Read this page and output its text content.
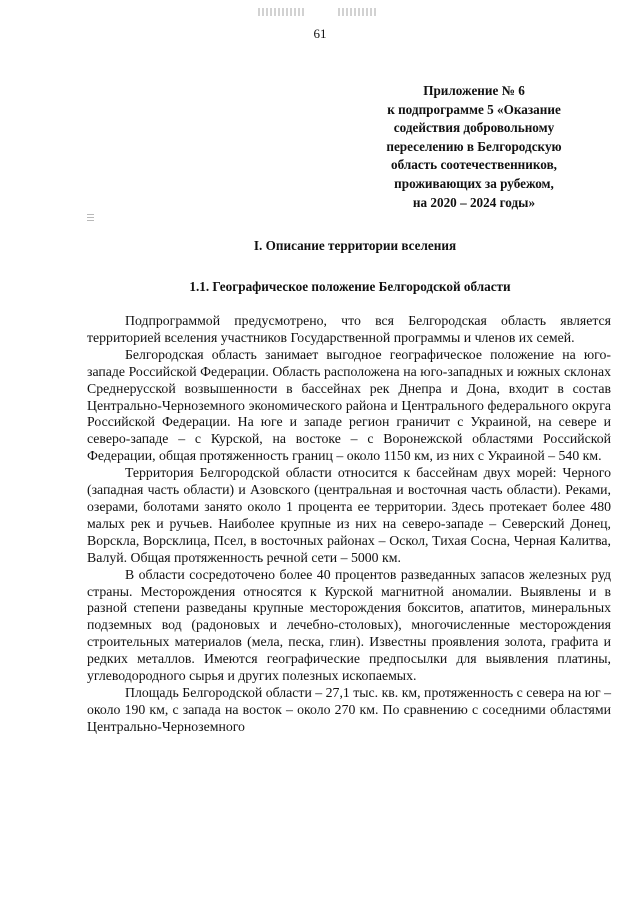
61
Приложение № 6
к подпрограмме 5 «Оказание
содействия добровольному
переселению в Белгородскую
область соотечественников,
проживающих за рубежом,
на 2020 – 2024 годы»
I. Описание территории вселения
1.1. Географическое положение Белгородской области

Подпрограммой предусмотрено, что вся Белгородская область является территорией вселения участников Государственной программы и членов их семей.

Белгородская область занимает выгодное географическое положение на юго-западе Российской Федерации. Область расположена на юго-западных и южных склонах Среднерусской возвышенности в бассейнах рек Днепра и Дона, входит в состав Центрально-Черноземного экономического района и Центрального федерального округа Российской Федерации. На юге и западе регион граничит с Украиной, на севере и северо-западе – с Курской, на востоке – с Воронежской областями Российской Федерации, общая протяженность границ – около 1150 км, из них с Украиной – 540 км.

Территория Белгородской области относится к бассейнам двух морей: Черного (западная часть области) и Азовского (центральная и восточная часть области). Реками, озерами, болотами занято около 1 процента ее территории. Здесь протекает более 480 малых рек и ручьев. Наиболее крупные из них на северо-западе – Северский Донец, Ворскла, Ворсклица, Псел, в восточных районах – Оскол, Тихая Сосна, Черная Калитва, Валуй. Общая протяженность речной сети – 5000 км.

В области сосредоточено более 40 процентов разведанных запасов железных руд страны. Месторождения относятся к Курской магнитной аномалии. Выявлены и в разной степени разведаны крупные месторождения бокситов, апатитов, минеральных подземных вод (радоновых и лечебно-столовых), многочисленные месторождения строительных материалов (мела, песка, глин). Известны проявления золота, графита и редких металлов. Имеются географические предпосылки для выявления платины, углеводородного сырья и других полезных ископаемых.

Площадь Белгородской области – 27,1 тыс. кв. км, протяженность с севера на юг – около 190 км, с запада на восток – около 270 км. По сравнению с соседними областями Центрально-Черноземного
